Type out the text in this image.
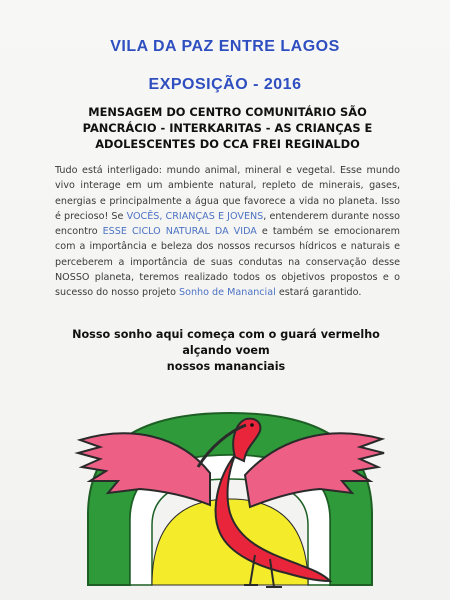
VILA DA PAZ ENTRE LAGOS
EXPOSIÇÃO - 2016
MENSAGEM DO CENTRO COMUNITÁRIO SÃO
PANCRÁCIO - INTERKARITAS - AS CRIANÇAS E
ADOLESCENTES DO CCA FREI REGINALDO
Tudo está interligado: mundo animal, mineral e vegetal. Esse mundo vivo interage em um ambiente natural, repleto de minerais, gases, energias e principalmente a água que favorece a vida no planeta. Isso é precioso! Se VOCÊS, CRIANÇAS E JOVENS, entenderem durante nosso encontro ESSE CICLO NATURAL DA VIDA e também se emocionarem com a importância e beleza dos nossos recursos hídricos e naturais e perceberem a importância de suas condutas na conservação desse NOSSO planeta, teremos realizado todos os objetivos propostos e o sucesso do nosso projeto Sonho de Manancial estará garantido.
Nosso sonho aqui começa com o guará vermelho alçando voem
nossos mananciais
